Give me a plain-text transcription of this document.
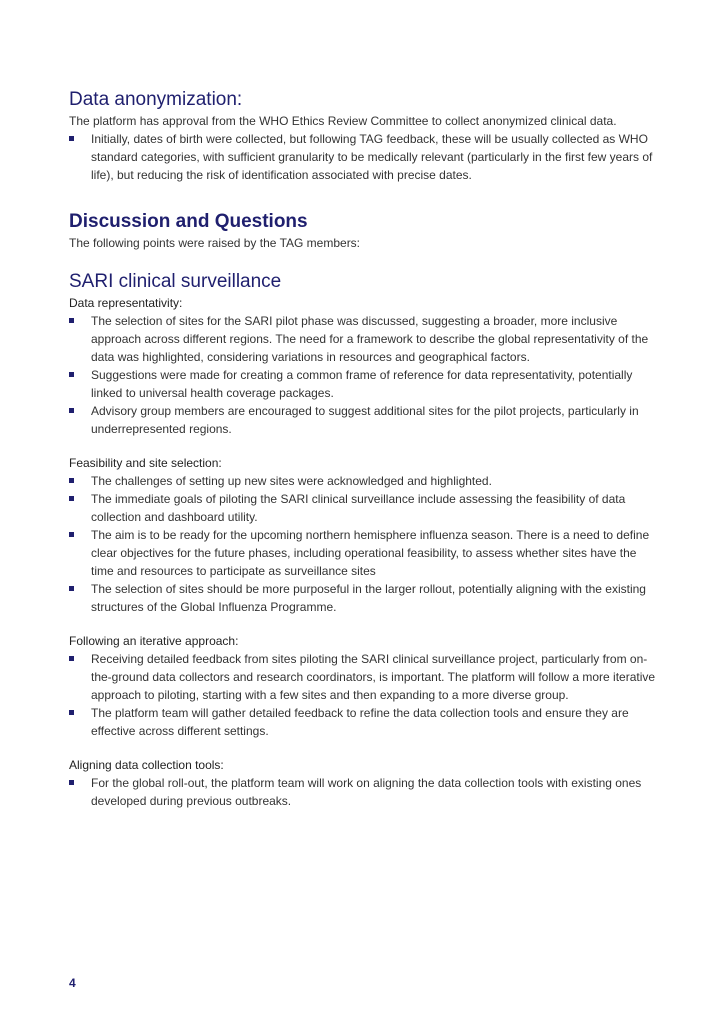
Data anonymization:

The platform has approval from the WHO Ethics Review Committee to collect anonymized clinical data.

Initially, dates of birth were collected, but following TAG feedback, these will be usually collected as WHO standard categories, with sufficient granularity to be medically relevant (particularly in the first few years of life), but reducing the risk of identification associated with precise dates.
Discussion and Questions

The following points were raised by the TAG members:

SARI clinical surveillance

Data representativity:

The selection of sites for the SARI pilot phase was discussed, suggesting a broader, more inclusive approach across different regions. The need for a framework to describe the global representativity of the data was highlighted, considering variations in resources and geographical factors.
Suggestions were made for creating a common frame of reference for data representativity, potentially linked to universal health coverage packages.
Advisory group members are encouraged to suggest additional sites for the pilot projects, particularly in underrepresented regions.

Feasibility and site selection:

The challenges of setting up new sites were acknowledged and highlighted.
The immediate goals of piloting the SARI clinical surveillance include assessing the feasibility of data collection and dashboard utility.
The aim is to be ready for the upcoming northern hemisphere influenza season. There is a need to define clear objectives for the future phases, including operational feasibility, to assess whether sites have the time and resources to participate as surveillance sites
The selection of sites should be more purposeful in the larger rollout, potentially aligning with the existing structures of the Global Influenza Programme.

Following an iterative approach:

Receiving detailed feedback from sites piloting the SARI clinical surveillance project, particularly from on-the-ground data collectors and research coordinators, is important. The platform will follow a more iterative approach to piloting, starting with a few sites and then expanding to a more diverse group.
The platform team will gather detailed feedback to refine the data collection tools and ensure they are effective across different settings.

Aligning data collection tools:

For the global roll-out, the platform team will work on aligning the data collection tools with existing ones developed during previous outbreaks.
4
